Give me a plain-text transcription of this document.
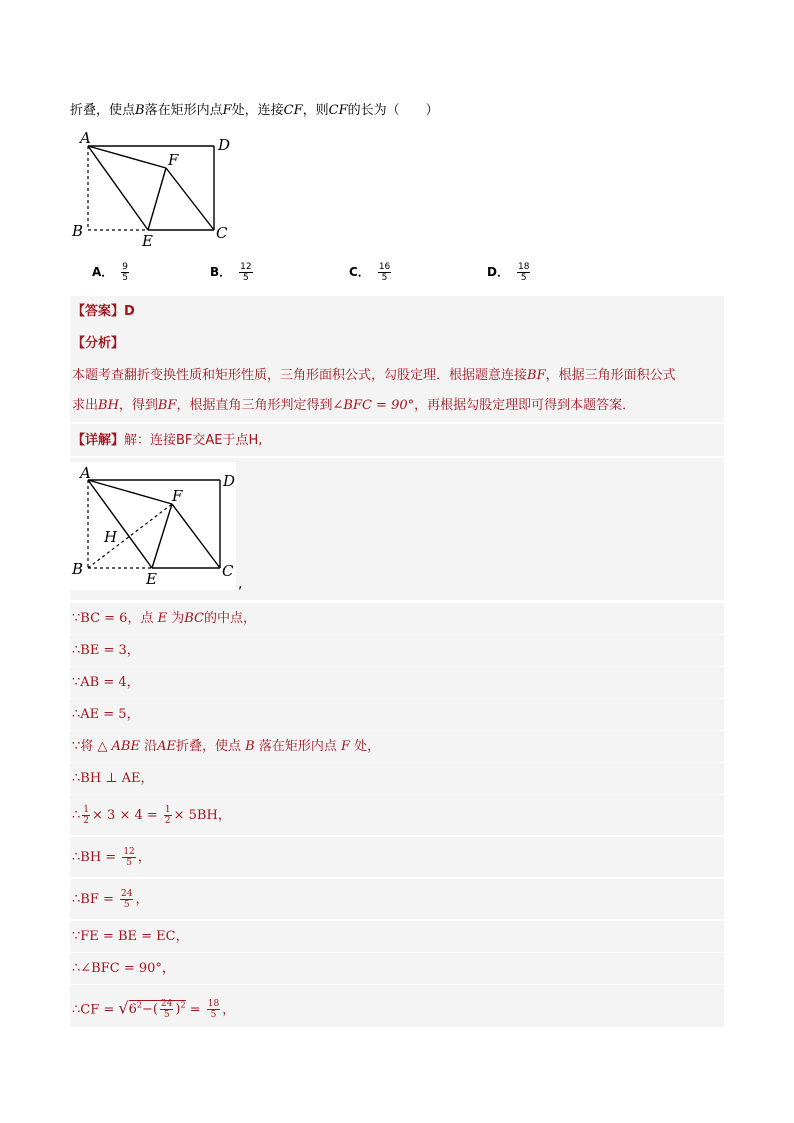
折叠，使点B落在矩形内点F处，连接CF，则CF的长为（　　）
A	D
F
B
E	C
A． $\frac{9}{5}$	B． $\frac{12}{5}$	C． $\frac{16}{5}$	D． $\frac{18}{5}$
【答案】D
【分析】
本题考查翻折变换性质和矩形性质，三角形面积公式，勾股定理．根据题意连接BF，根据三角形面积公式
求出BH，得到BF，根据直角三角形判定得到∠BFC = 90°，再根据勾股定理即可得到本题答案．
【详解】解：连接BF交AE于点H,
A	D
F
H
B
E	C
,
∵BC = 6，点 E 为BC的中点，
∴BE = 3，
∵AB = 4，
∴AE = 5，
∵将 △ ABE 沿AE折叠，使点 B 落在矩形内点 F 处，
∴BH ⊥ AE，
∴ $\frac{1}{2} \times 3 \times 4 = \frac{1}{2} \times 5BH$，
∴BH = $\frac{12}{5}$ ，
∴BF = $\frac{24}{5}$ ，
∵FE = BE = EC，
∴∠BFC = 90°，
∴CF = $√6^2-( \frac{24}{5} )^2 = \frac{18}{5}$ ，
